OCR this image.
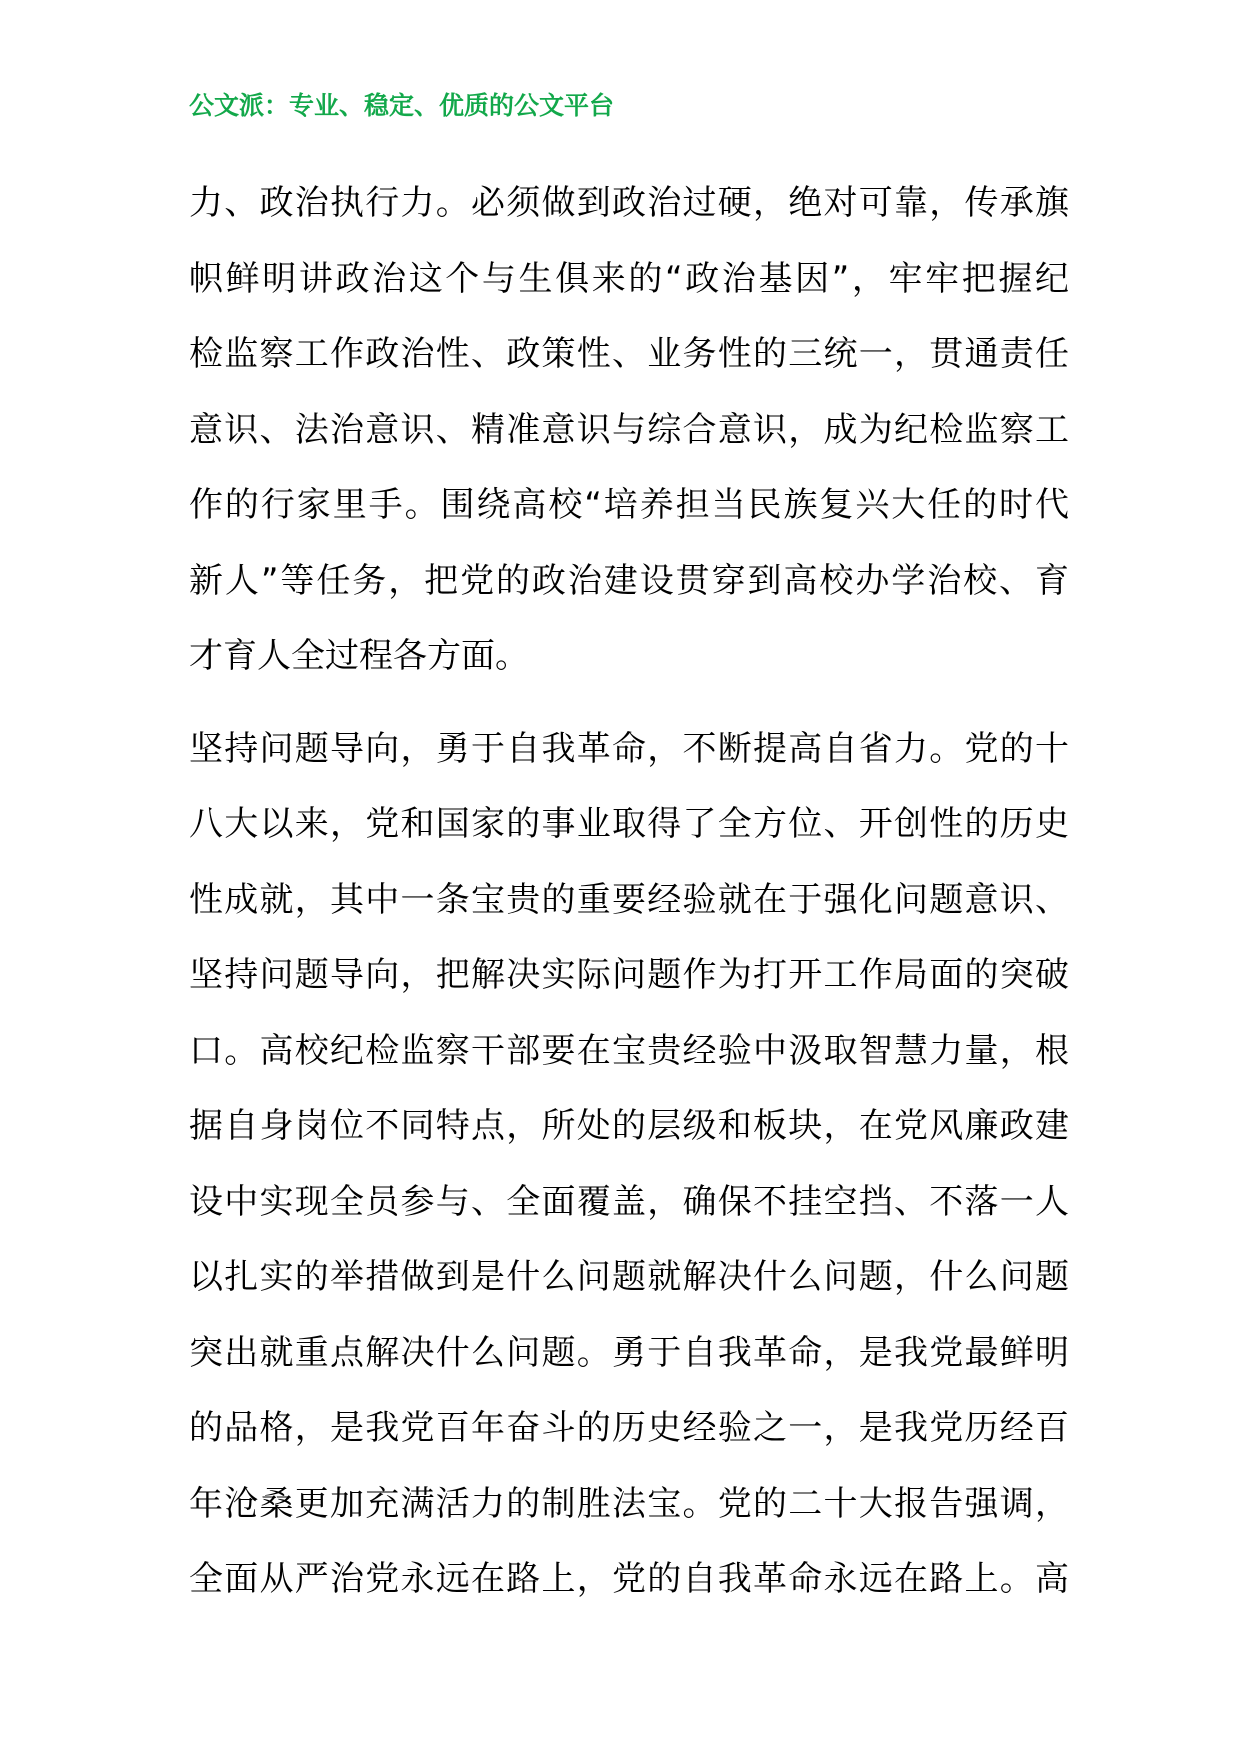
公文派：专业、稳定、优质的公文平台

力、政治执行力。必须做到政治过硬，绝对可靠，传承旗
帜鲜明讲政治这个与生俱来的“政治基因”，牢牢把握纪
检监察工作政治性、政策性、业务性的三统一，贯通责任
意识、法治意识、精准意识与综合意识，成为纪检监察工
作的行家里手。围绕高校“培养担当民族复兴大任的时代
新人”等任务，把党的政治建设贯穿到高校办学治校、育
才育人全过程各方面。

坚持问题导向，勇于自我革命，不断提高自省力。党的十
八大以来，党和国家的事业取得了全方位、开创性的历史
性成就，其中一条宝贵的重要经验就在于强化问题意识、
坚持问题导向，把解决实际问题作为打开工作局面的突破
口。高校纪检监察干部要在宝贵经验中汲取智慧力量，根
据自身岗位不同特点，所处的层级和板块，在党风廉政建
设中实现全员参与、全面覆盖，确保不挂空挡、不落一人
以扎实的举措做到是什么问题就解决什么问题，什么问题
突出就重点解决什么问题。勇于自我革命，是我党最鲜明
的品格，是我党百年奋斗的历史经验之一，是我党历经百
年沧桑更加充满活力的制胜法宝。党的二十大报告强调，
全面从严治党永远在路上，党的自我革命永远在路上。高
